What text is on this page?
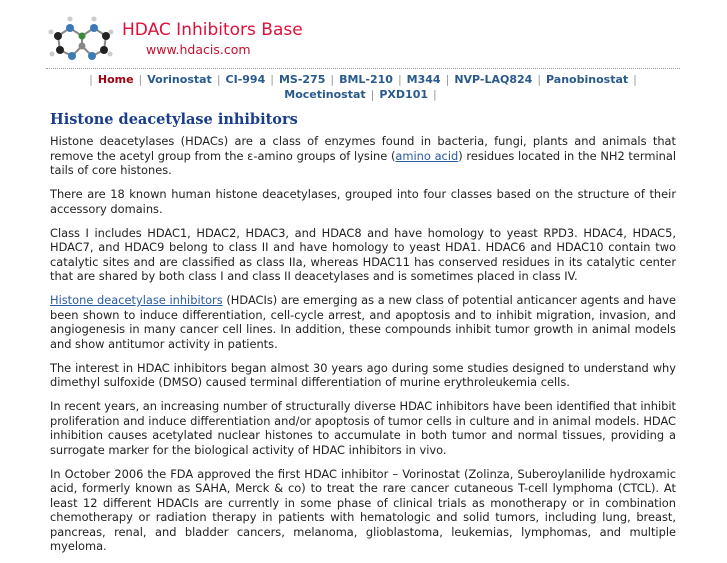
HDAC Inhibitors Base
www.hdacis.com
| Home | Vorinostat | CI-994 | MS-275 | BML-210 | M344 | NVP-LAQ824 | Panobinostat |
Mocetinostat | PXD101 |
Histone deacetylase inhibitors

Histone deacetylases (HDACs) are a class of enzymes found in bacteria, fungi, plants and animals that remove the acetyl group from the ε-amino groups of lysine (amino acid) residues located in the NH2 terminal tails of core histones.

There are 18 known human histone deacetylases, grouped into four classes based on the structure of their accessory domains.

Class I includes HDAC1, HDAC2, HDAC3, and HDAC8 and have homology to yeast RPD3. HDAC4, HDAC5, HDAC7, and HDAC9 belong to class II and have homology to yeast HDA1. HDAC6 and HDAC10 contain two catalytic sites and are classified as class IIa, whereas HDAC11 has conserved residues in its catalytic center that are shared by both class I and class II deacetylases and is sometimes placed in class IV.

Histone deacetylase inhibitors (HDACIs) are emerging as a new class of potential anticancer agents and have been shown to induce differentiation, cell-cycle arrest, and apoptosis and to inhibit migration, invasion, and angiogenesis in many cancer cell lines. In addition, these compounds inhibit tumor growth in animal models and show antitumor activity in patients.

The interest in HDAC inhibitors began almost 30 years ago during some studies designed to understand why dimethyl sulfoxide (DMSO) caused terminal differentiation of murine erythroleukemia cells.

In recent years, an increasing number of structurally diverse HDAC inhibitors have been identified that inhibit proliferation and induce differentiation and/or apoptosis of tumor cells in culture and in animal models. HDAC inhibition causes acetylated nuclear histones to accumulate in both tumor and normal tissues, providing a surrogate marker for the biological activity of HDAC inhibitors in vivo.

In October 2006 the FDA approved the first HDAC inhibitor – Vorinostat (Zolinza, Suberoylanilide hydroxamic acid, formerly known as SAHA, Merck & co) to treat the rare cancer cutaneous T-cell lymphoma (CTCL). At least 12 different HDACIs are currently in some phase of clinical trials as monotherapy or in combination chemotherapy or radiation therapy in patients with hematologic and solid tumors, including lung, breast, pancreas, renal, and bladder cancers, melanoma, glioblastoma, leukemias, lymphomas, and multiple myeloma.
